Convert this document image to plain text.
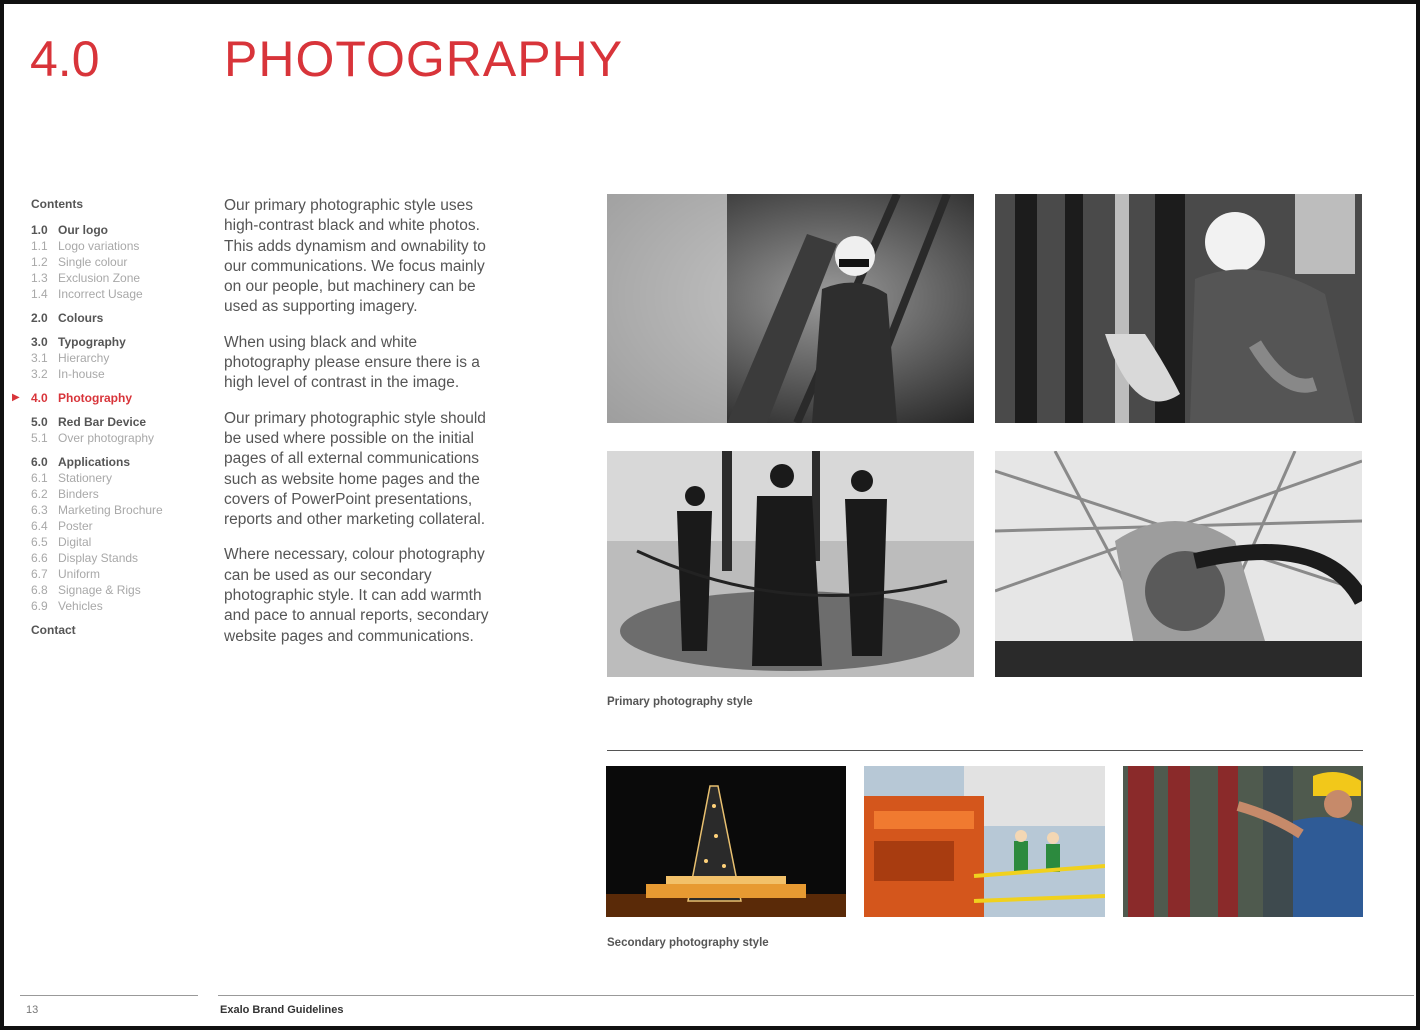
4.0 PHOTOGRAPHY
Contents
1.0 Our logo
1.1 Logo variations
1.2 Single colour
1.3 Exclusion Zone
1.4 Incorrect Usage
2.0 Colours
3.0 Typography
3.1 Hierarchy
3.2 In-house
▶ 4.0 Photography
5.0 Red Bar Device
5.1 Over photography
6.0 Applications
6.1 Stationery
6.2 Binders
6.3 Marketing Brochure
6.4 Poster
6.5 Digital
6.6 Display Stands
6.7 Uniform
6.8 Signage & Rigs
6.9 Vehicles
Contact

Our primary photographic style uses high-contrast black and white photos. This adds dynamism and ownability to our communications. We focus mainly on our people, but machinery can be used as supporting imagery.

When using black and white photography please ensure there is a high level of contrast in the image.

Our primary photographic style should be used where possible on the initial pages of all external communications such as website home pages and the covers of PowerPoint presentations, reports and other marketing collateral.

Where necessary, colour photography can be used as our secondary photographic style. It can add warmth and pace to annual reports, secondary website pages and communications.

Primary photography style
Secondary photography style
13	Exalo Brand Guidelines
